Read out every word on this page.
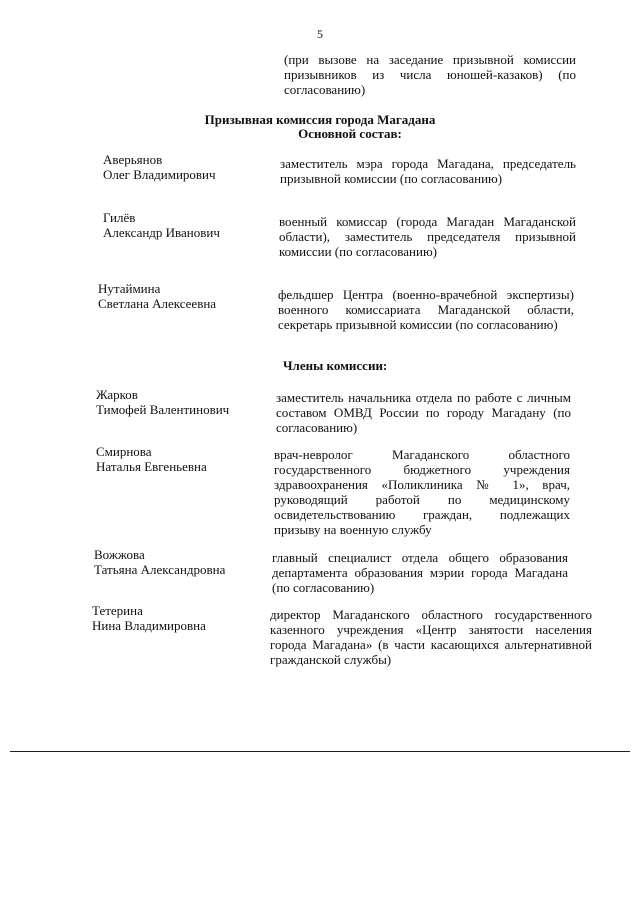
5

(при вызове на заседание призывной комиссии призывников из числа юношей-казаков) (по согласованию)

Призывная комиссия города Магадана
Основной состав:
Аверьянов
Олег Владимирович

заместитель мэра города Магадана, председатель призывной комиссии (по согласованию)

Гилёв
Александр Иванович

военный комиссар (города Магадан Магаданской области), заместитель председателя призывной комиссии (по согласованию)

Нутаймина
Светлана Алексеевна

фельдшер Центра (военно-врачебной экспертизы) военного комиссариата Магаданской области, секретарь призывной комиссии (по согласованию)

Члены комиссии:
Жарков
Тимофей Валентинович

заместитель начальника отдела по работе с личным составом ОМВД России по городу Магадану (по согласованию)

Смирнова
Наталья Евгеньевна

врач-невролог Магаданского областного государственного бюджетного учреждения здравоохранения «Поликлиника № 1», врач, руководящий работой по медицинскому освидетельствованию граждан, подлежащих призыву на военную службу

Вожжова
Татьяна Александровна

главный специалист отдела общего образования департамента образования мэрии города Магадана (по согласованию)

Тетерина
Нина Владимировна

директор Магаданского областного государственного казенного учреждения «Центр занятости населения города Магадана» (в части касающихся альтернативной гражданской службы)
